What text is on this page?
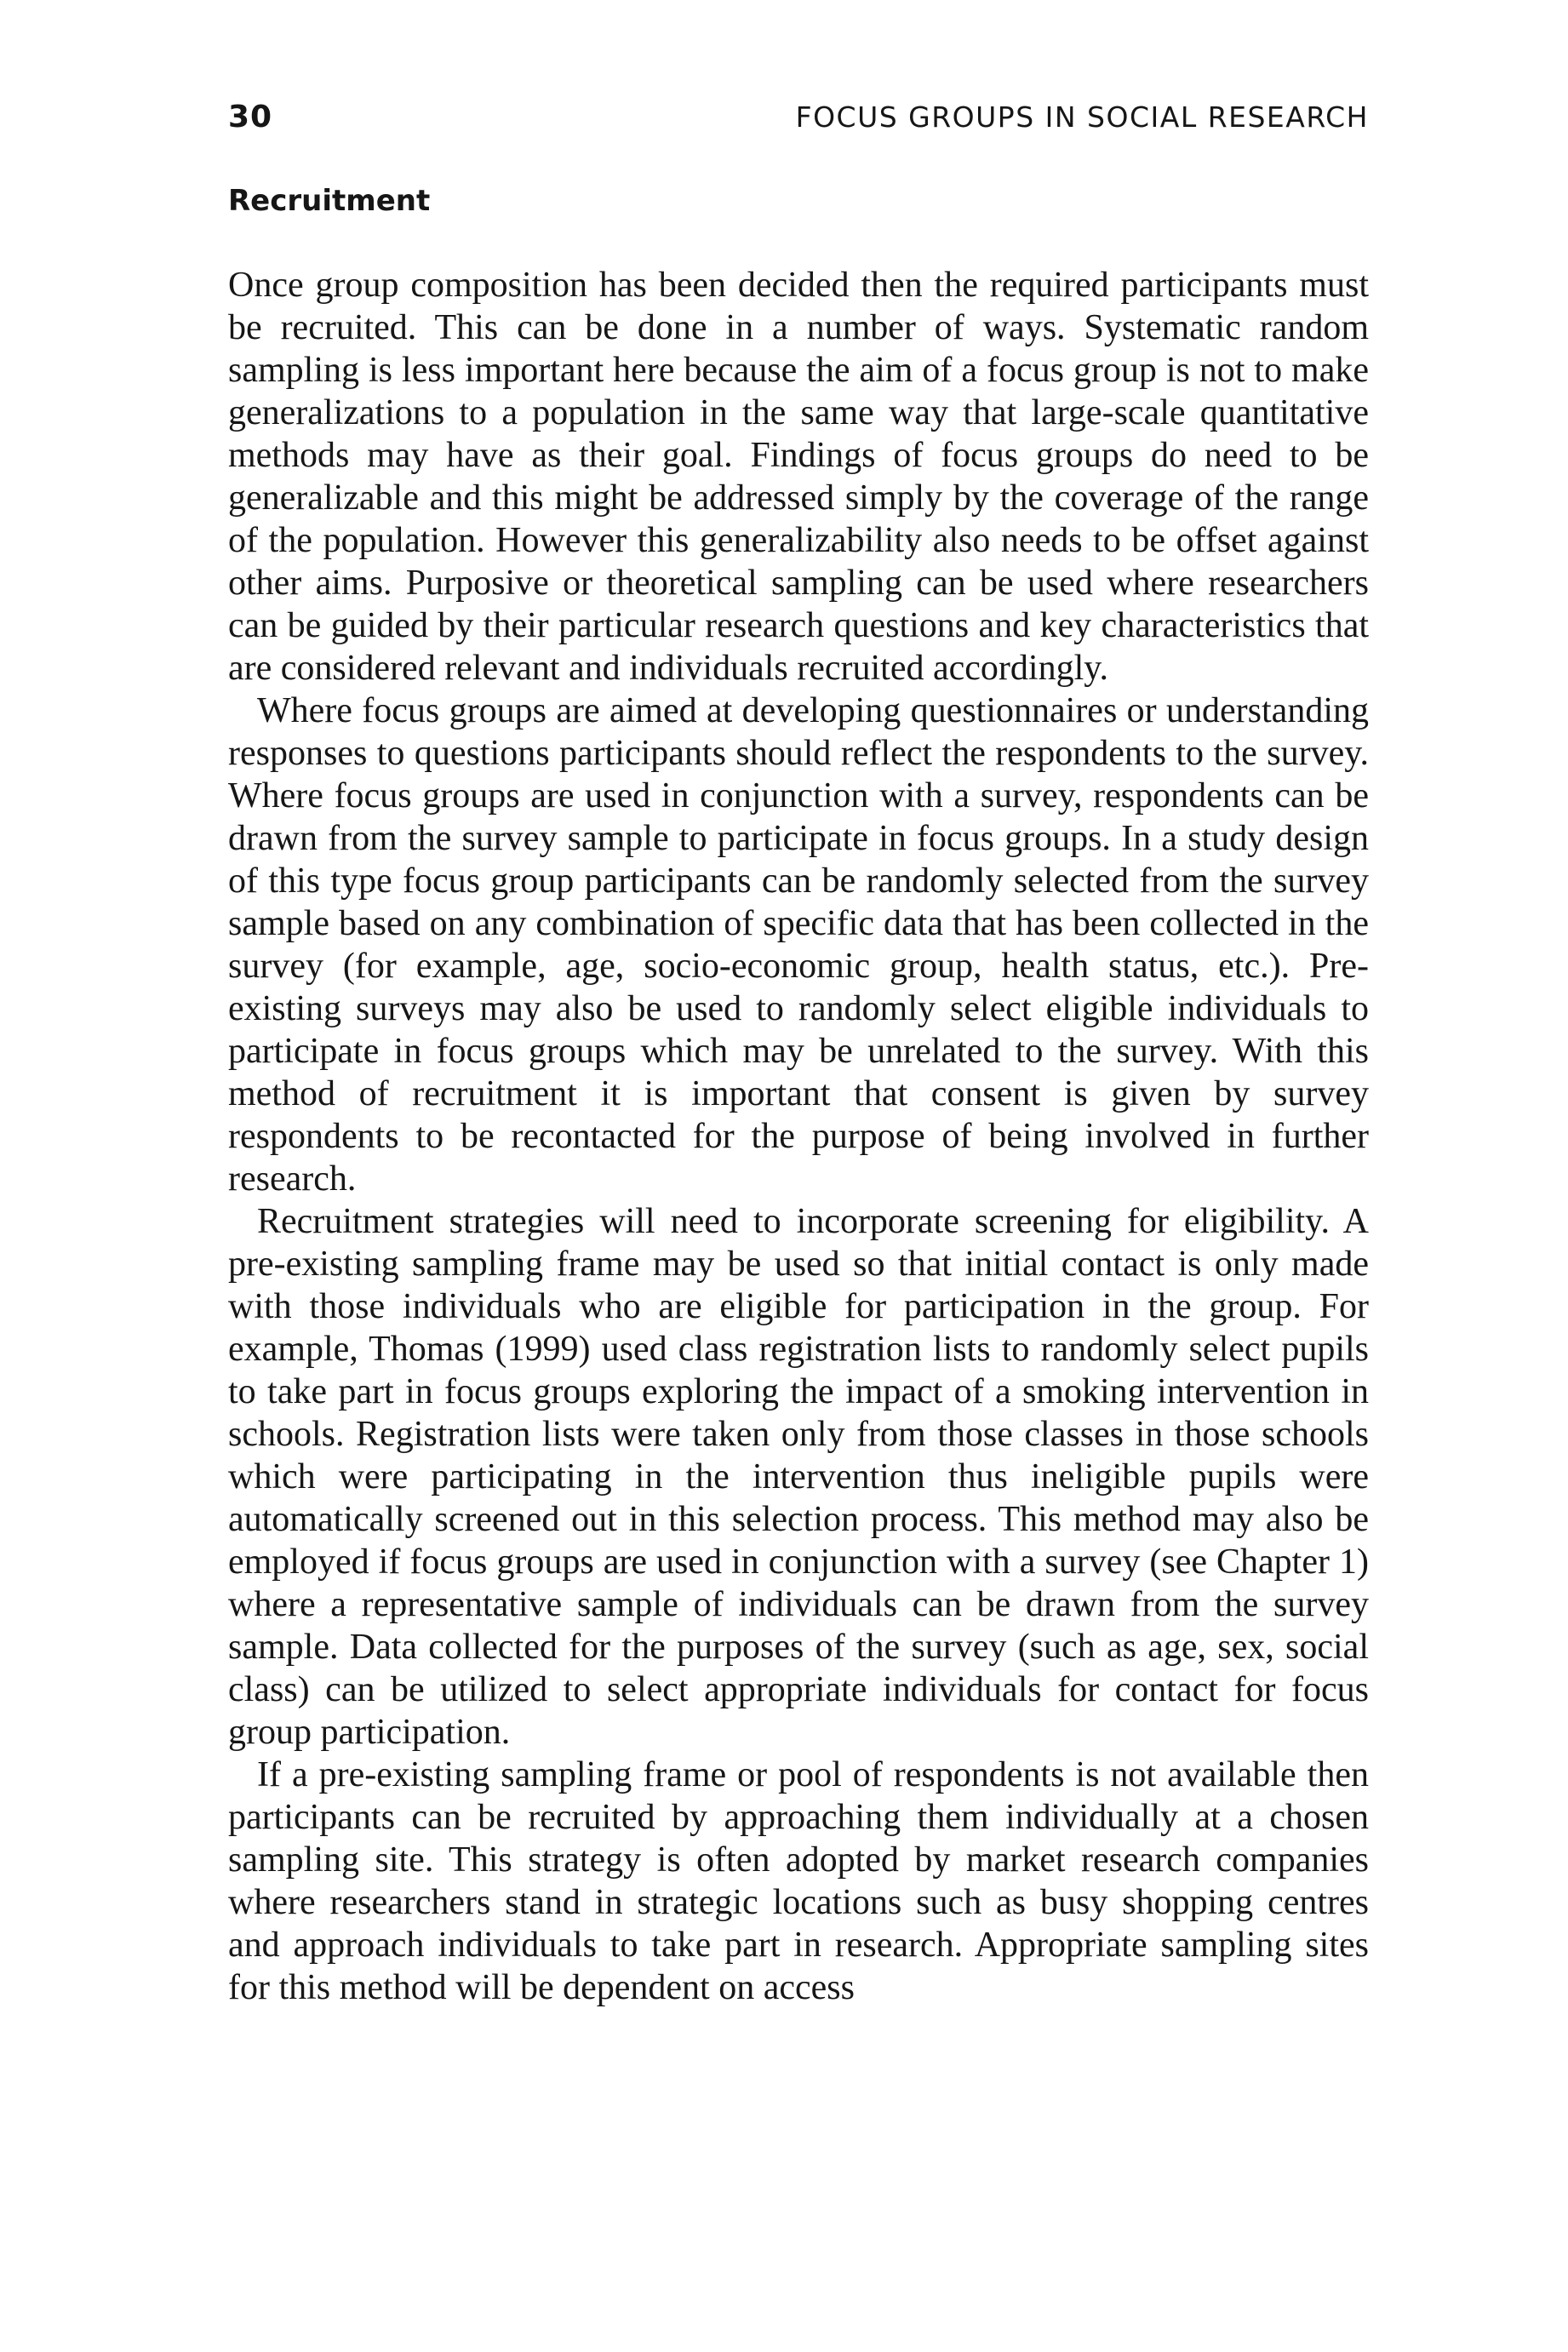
30	FOCUS GROUPS IN SOCIAL RESEARCH
Recruitment

Once group composition has been decided then the required participants must be recruited. This can be done in a number of ways. Systematic random sampling is less important here because the aim of a focus group is not to make generalizations to a population in the same way that large-scale quantitative methods may have as their goal. Findings of focus groups do need to be generalizable and this might be addressed simply by the coverage of the range of the population. However this generalizability also needs to be offset against other aims. Purposive or theoretical sampling can be used where researchers can be guided by their particular research questions and key characteristics that are considered relevant and individuals recruited accordingly.

Where focus groups are aimed at developing questionnaires or understanding responses to questions participants should reflect the respondents to the survey. Where focus groups are used in conjunction with a survey, respondents can be drawn from the survey sample to participate in focus groups. In a study design of this type focus group participants can be randomly selected from the survey sample based on any combination of specific data that has been collected in the survey (for example, age, socio-economic group, health status, etc.). Pre-existing surveys may also be used to randomly select eligible individuals to participate in focus groups which may be unrelated to the survey. With this method of recruitment it is important that consent is given by survey respondents to be recontacted for the purpose of being involved in further research.

Recruitment strategies will need to incorporate screening for eligibility. A pre-existing sampling frame may be used so that initial contact is only made with those individuals who are eligible for participation in the group. For example, Thomas (1999) used class registration lists to randomly select pupils to take part in focus groups exploring the impact of a smoking intervention in schools. Registration lists were taken only from those classes in those schools which were participating in the intervention thus ineligible pupils were automatically screened out in this selection process. This method may also be employed if focus groups are used in conjunction with a survey (see Chapter 1) where a representative sample of individuals can be drawn from the survey sample. Data collected for the purposes of the survey (such as age, sex, social class) can be utilized to select appropriate individuals for contact for focus group participation.

If a pre-existing sampling frame or pool of respondents is not available then participants can be recruited by approaching them individually at a chosen sampling site. This strategy is often adopted by market research companies where researchers stand in strategic locations such as busy shopping centres and approach individuals to take part in research. Appropriate sampling sites for this method will be dependent on access
